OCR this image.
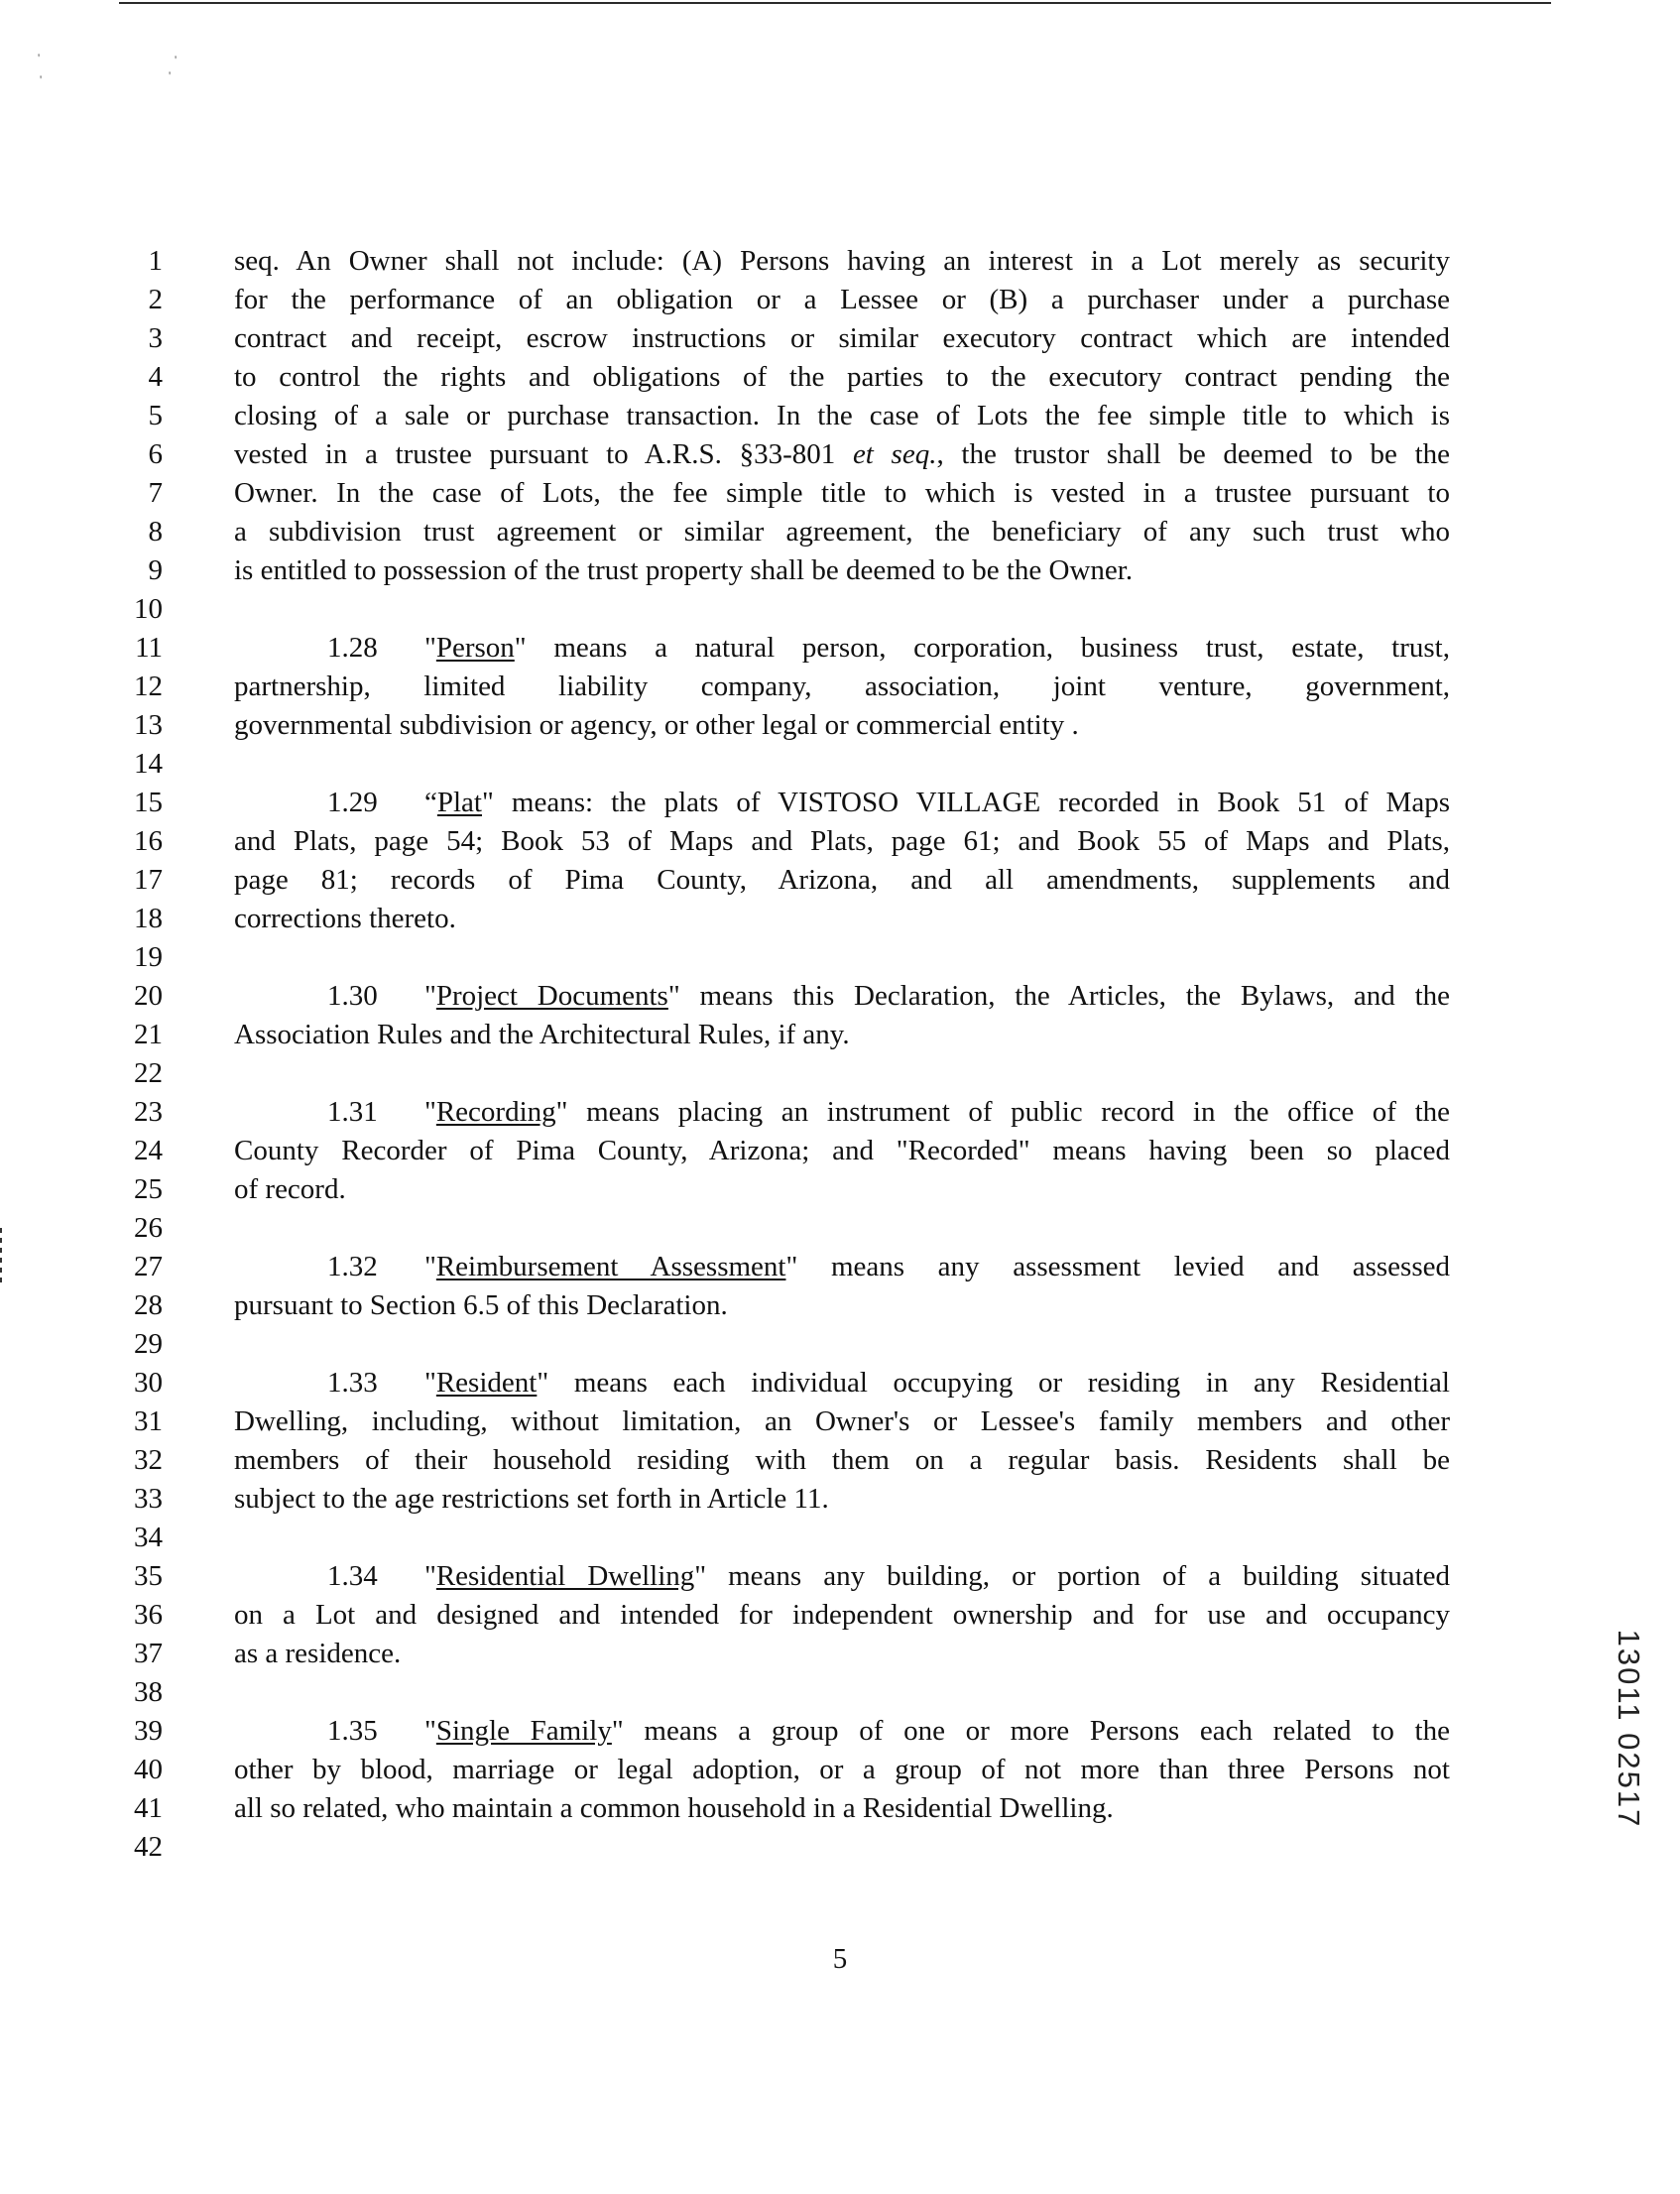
'	'
'	'
1 seq. An Owner shall not include: (A) Persons having an interest in a Lot merely as security
2 for the performance of an obligation or a Lessee or (B) a purchaser under a purchase
3 contract and receipt, escrow instructions or similar executory contract which are intended
4 to control the rights and obligations of the parties to the executory contract pending the
5 closing of a sale or purchase transaction. In the case of Lots the fee simple title to which is
6 vested in a trustee pursuant to A.R.S. §33-801 et seq., the trustor shall be deemed to be the
7 Owner. In the case of Lots, the fee simple title to which is vested in a trustee pursuant to
8 a subdivision trust agreement or similar agreement, the beneficiary of any such trust who
9 is entitled to possession of the trust property shall be deemed to be the Owner.
10
11	1.28 "Person" means a natural person, corporation, business trust, estate, trust,
12 partnership, limited liability company, association, joint venture, government,
13 governmental subdivision or agency, or other legal or commercial entity .
14
15	1.29 “Plat" means: the plats of VISTOSO VILLAGE recorded in Book 51 of Maps
16 and Plats, page 54; Book 53 of Maps and Plats, page 61; and Book 55 of Maps and Plats,
17 page 81; records of Pima County, Arizona, and all amendments, supplements and
18 corrections thereto.
19
20	1.30 "Project Documents" means this Declaration, the Articles, the Bylaws, and the
21 Association Rules and the Architectural Rules, if any.
22
23	1.31 "Recording" means placing an instrument of public record in the office of the
24 County Recorder of Pima County, Arizona; and "Recorded" means having been so placed
25 of record.
26
27	1.32 "Reimbursement Assessment" means any assessment levied and assessed
28 pursuant to Section 6.5 of this Declaration.
29
30	1.33 "Resident" means each individual occupying or residing in any Residential
31 Dwelling, including, without limitation, an Owner's or Lessee's family members and other
32 members of their household residing with them on a regular basis. Residents shall be
33 subject to the age restrictions set forth in Article 11.
34
35	1.34 "Residential Dwelling" means any building, or portion of a building situated
36 on a Lot and designed and intended for independent ownership and for use and occupancy
37 as a residence.
38
39	1.35 "Single Family" means a group of one or more Persons each related to the
40 other by blood, marriage or legal adoption, or a group of not more than three Persons not
41 all so related, who maintain a common household in a Residential Dwelling.
42
13011 02517
5
